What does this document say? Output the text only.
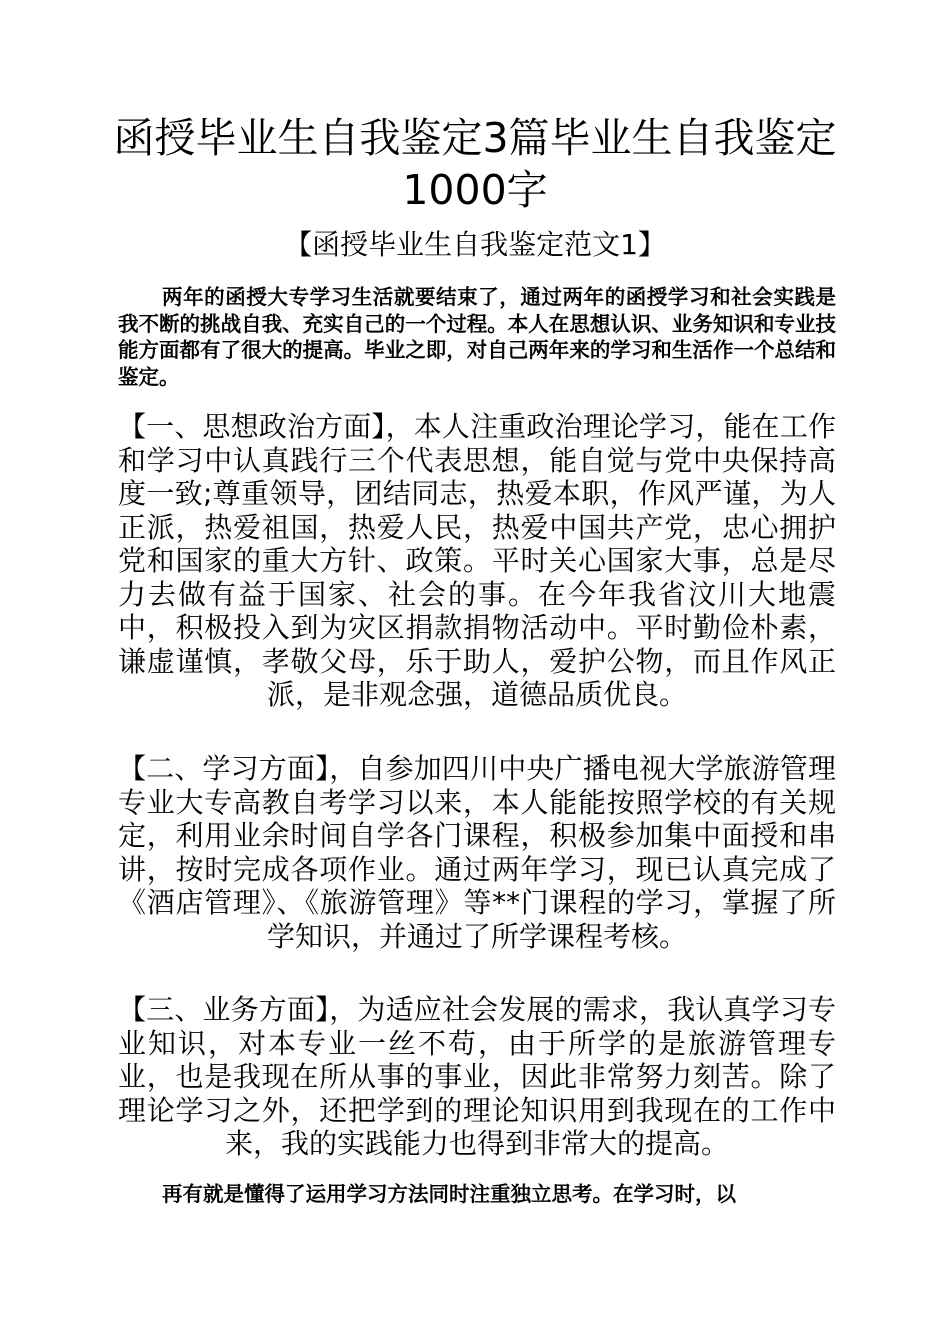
函授毕业生自我鉴定3篇毕业生自我鉴定1000字

【函授毕业生自我鉴定范文1】

两年的函授大专学习生活就要结束了，通过两年的函授学习和社会实践是我不断的挑战自我、充实自己的一个过程。本人在思想认识、业务知识和专业技能方面都有了很大的提高。毕业之即，对自己两年来的学习和生活作一个总结和鉴定。

【一、思想政治方面】，本人注重政治理论学习，能在工作和学习中认真践行三个代表思想，能自觉与党中央保持高度一致;尊重领导，团结同志，热爱本职，作风严谨，为人正派，热爱祖国，热爱人民，热爱中国共产党，忠心拥护党和国家的重大方针、政策。平时关心国家大事，总是尽力去做有益于国家、社会的事。在今年我省汶川大地震中，积极投入到为灾区捐款捐物活动中。平时勤俭朴素，谦虚谨慎，孝敬父母，乐于助人，爱护公物，而且作风正派，是非观念强，道德品质优良。

【二、学习方面】，自参加四川中央广播电视大学旅游管理专业大专高教自考学习以来，本人能能按照学校的有关规定，利用业余时间自学各门课程，积极参加集中面授和串讲，按时完成各项作业。通过两年学习，现已认真完成了《酒店管理》、《旅游管理》等**门课程的学习，掌握了所学知识，并通过了所学课程考核。

【三、业务方面】，为适应社会发展的需求，我认真学习专业知识，对本专业一丝不苟，由于所学的是旅游管理专业，也是我现在所从事的事业，因此非常努力刻苦。除了理论学习之外，还把学到的理论知识用到我现在的工作中来，我的实践能力也得到非常大的提高。

再有就是懂得了运用学习方法同时注重独立思考。在学习时，以
